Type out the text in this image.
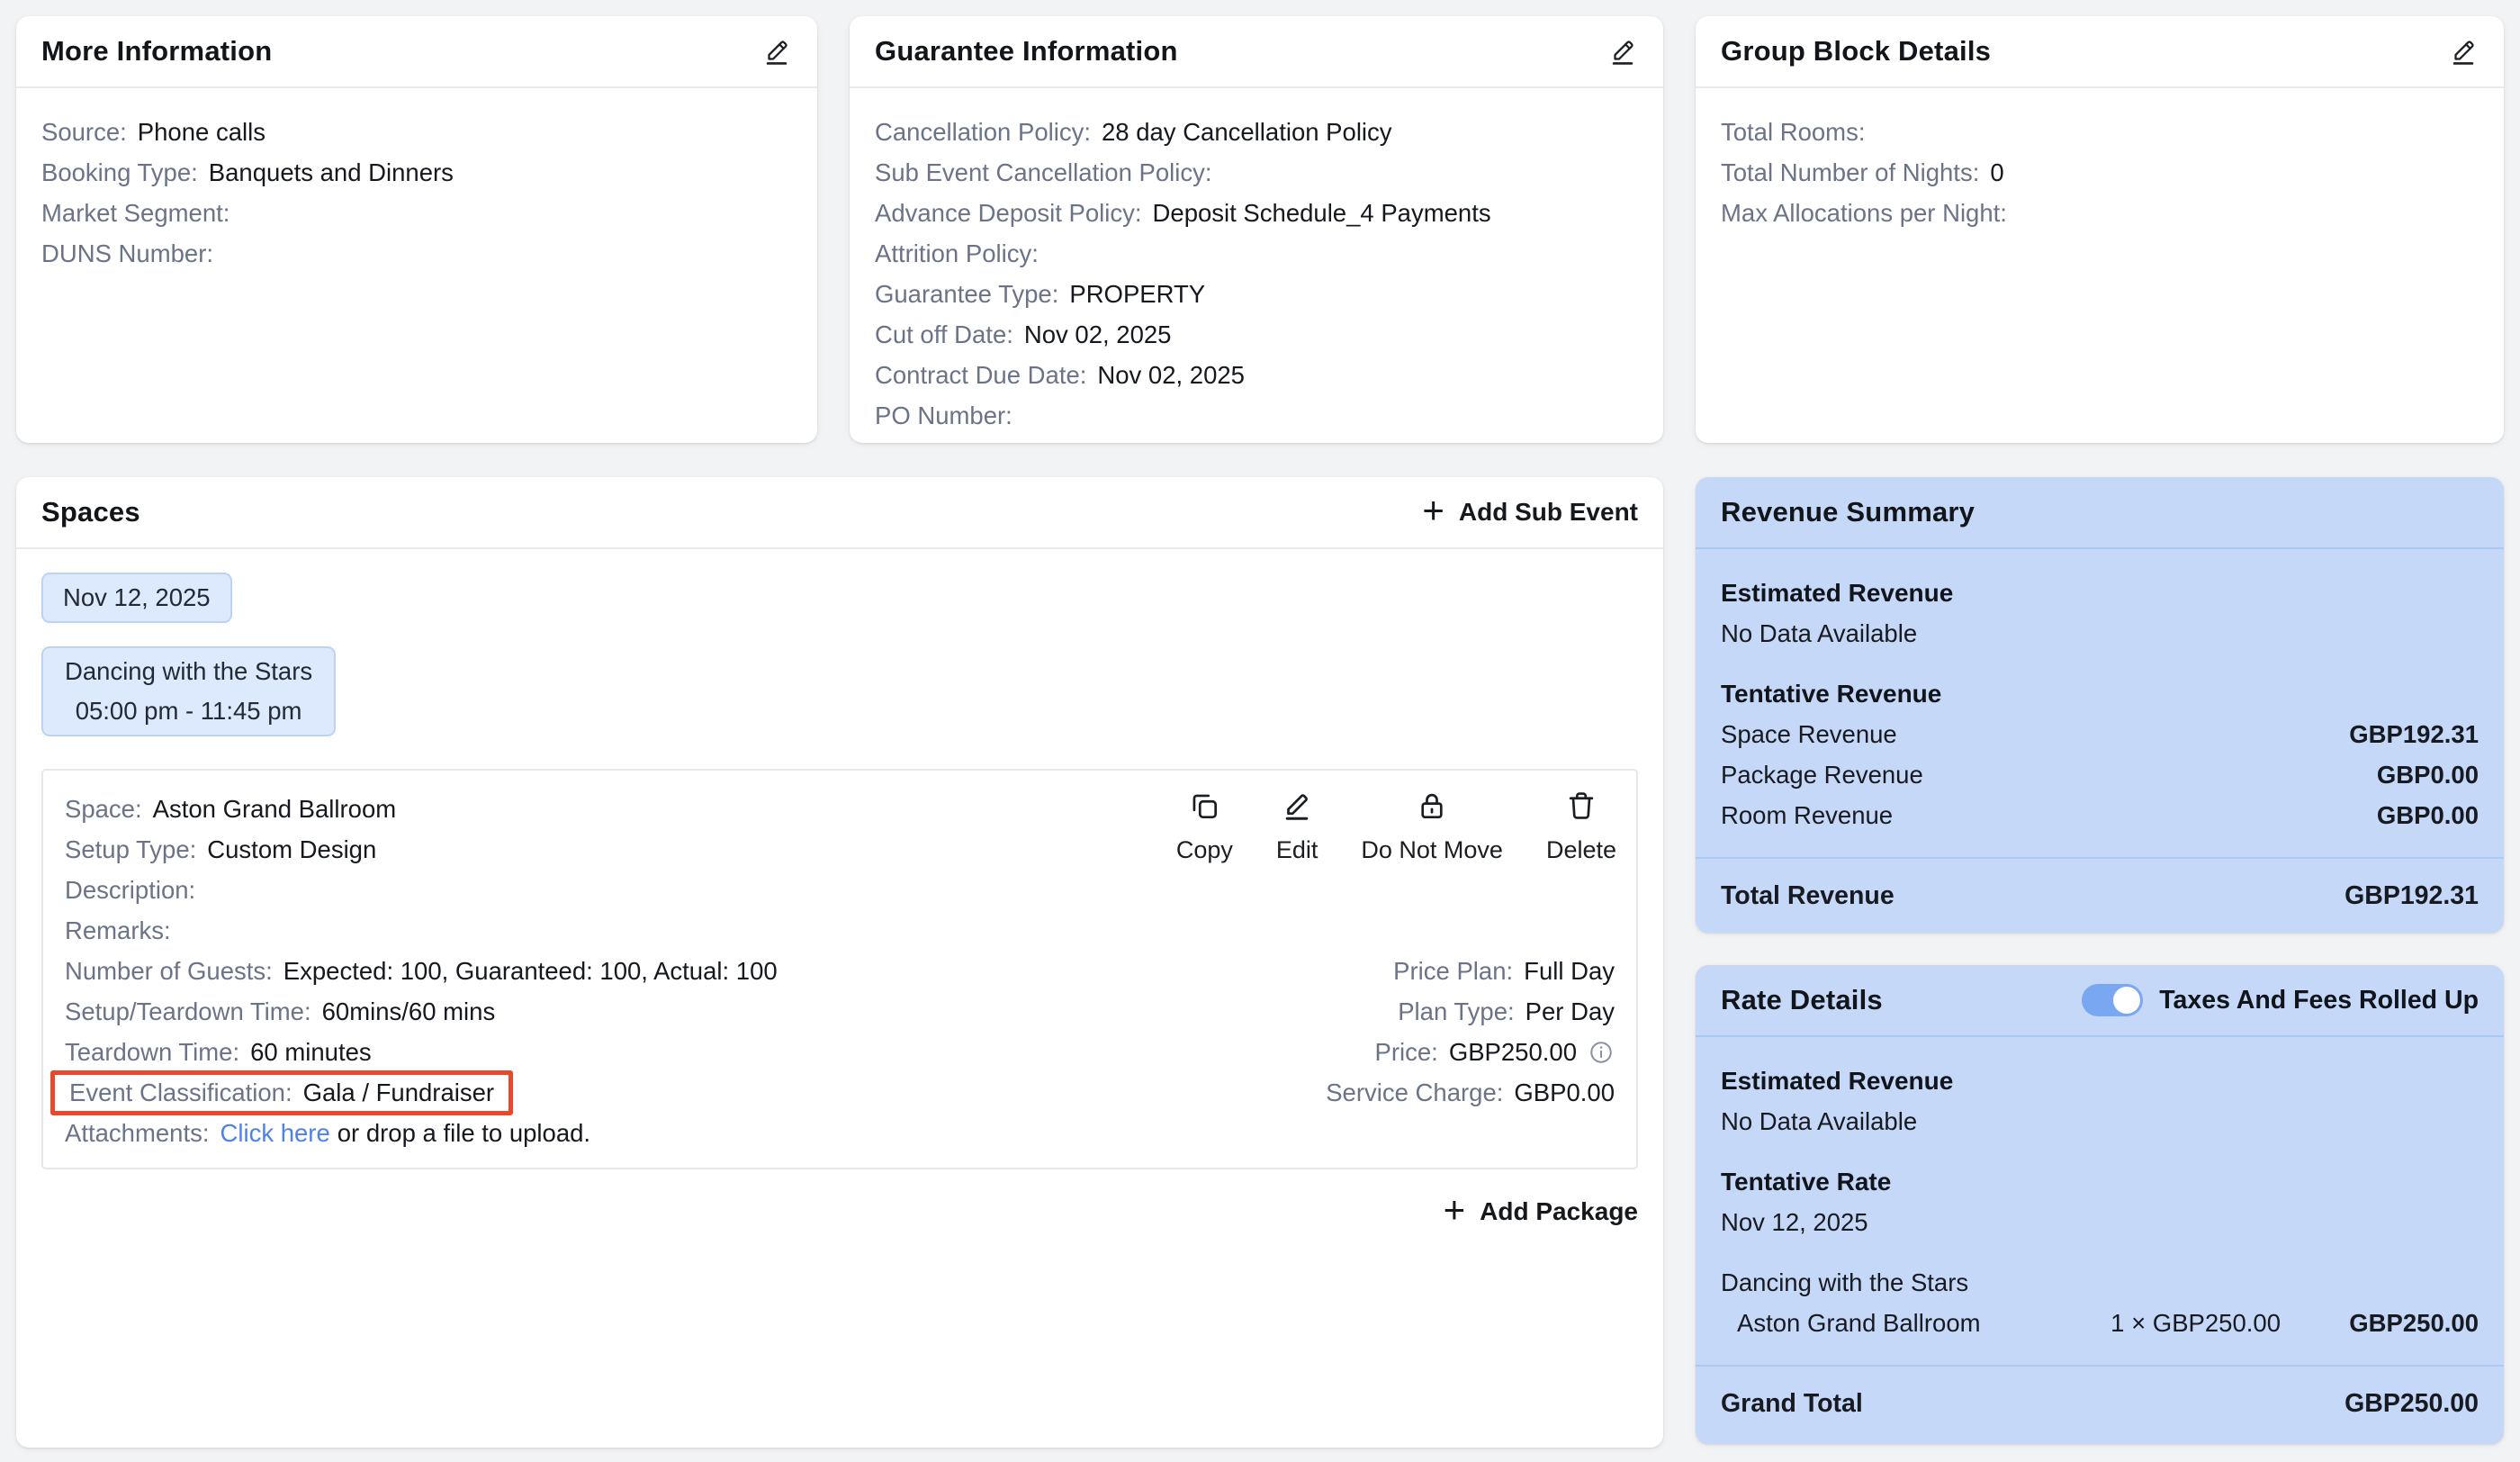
More Information
Source: Phone calls
Booking Type: Banquets and Dinners
Market Segment:
DUNS Number:
Guarantee Information
Cancellation Policy: 28 day Cancellation Policy
Sub Event Cancellation Policy:
Advance Deposit Policy: Deposit Schedule_4 Payments
Attrition Policy:
Guarantee Type: PROPERTY
Cut off Date: Nov 02, 2025
Contract Due Date: Nov 02, 2025
PO Number:
Group Block Details
Total Rooms:
Total Number of Nights: 0
Max Allocations per Night:
Spaces	+ Add Sub Event
Nov 12, 2025
Dancing with the Stars
05:00 pm - 11:45 pm
Copy Edit Do Not Move Delete
Space: Aston Grand Ballroom
Setup Type: Custom Design
Description:
Remarks:
Number of Guests: Expected: 100, Guaranteed: 100, Actual: 100
Setup/Teardown Time: 60mins/60 mins
Teardown Time: 60 minutes
Event Classification: Gala / Fundraiser
Attachments: Click here or drop a file to upload.
Price Plan: Full Day
Plan Type: Per Day
Price: GBP250.00
Service Charge: GBP0.00
+ Add Package
Revenue Summary
Estimated Revenue
No Data Available
Tentative Revenue
Space Revenue	GBP192.31
Package Revenue	GBP0.00
Room Revenue	GBP0.00
Total Revenue	GBP192.31
Rate Details	Taxes And Fees Rolled Up
Estimated Revenue
No Data Available
Tentative Rate
Nov 12, 2025
Dancing with the Stars
Aston Grand Ballroom	1 × GBP250.00	GBP250.00
Grand Total	GBP250.00
